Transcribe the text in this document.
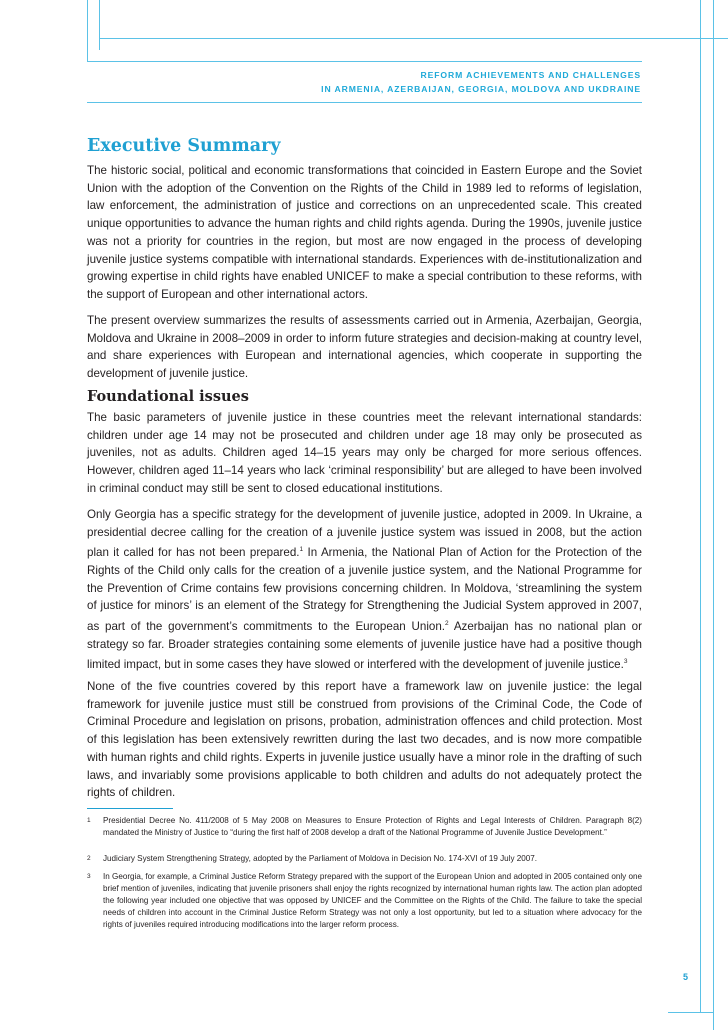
REFORM ACHIEVEMENTS AND CHALLENGES
IN ARMENIA, AZERBAIJAN, GEORGIA, MOLDOVA AND UKDRAINE
Executive Summary

The historic social, political and economic transformations that coincided in Eastern Europe and the Soviet Union with the adoption of the Convention on the Rights of the Child in 1989 led to reforms of legislation, law enforcement, the administration of justice and corrections on an unprecedented scale. This created unique opportunities to advance the human rights and child rights agenda. During the 1990s, juvenile justice was not a priority for countries in the region, but most are now engaged in the process of developing juvenile justice systems compatible with international standards. Experiences with de-institutionalization and growing expertise in child rights have enabled UNICEF to make a special contribution to these reforms, with the support of European and other international actors.

The present overview summarizes the results of assessments carried out in Armenia, Azerbaijan, Georgia, Moldova and Ukraine in 2008–2009 in order to inform future strategies and decision-making at country level, and share experiences with European and international agencies, which cooperate in supporting the development of juvenile justice.

Foundational issues

The basic parameters of juvenile justice in these countries meet the relevant international standards: children under age 14 may not be prosecuted and children under age 18 may only be prosecuted as juveniles, not as adults. Children aged 14–15 years may only be charged for more serious offences. However, children aged 11–14 years who lack ‘criminal responsibility’ but are alleged to have been involved in criminal conduct may still be sent to closed educational institutions.

Only Georgia has a specific strategy for the development of juvenile justice, adopted in 2009. In Ukraine, a presidential decree calling for the creation of a juvenile justice system was issued in 2008, but the action plan it called for has not been prepared.$^1$ In Armenia, the National Plan of Action for the Protection of the Rights of the Child only calls for the creation of a juvenile justice system, and the National Programme for the Prevention of Crime contains few provisions concerning children. In Moldova, ‘streamlining the system of justice for minors’ is an element of the Strategy for Strengthening the Judicial System approved in 2007, as part of the government’s commitments to the European Union.$^2$ Azerbaijan has no national plan or strategy so far. Broader strategies containing some elements of juvenile justice have had a positive though limited impact, but in some cases they have slowed or interfered with the development of juvenile justice.$^3$

None of the five countries covered by this report have a framework law on juvenile justice: the legal framework for juvenile justice must still be construed from provisions of the Criminal Code, the Code of Criminal Procedure and legislation on prisons, probation, administration offences and child protection. Most of this legislation has been extensively rewritten during the last two decades, and is now more compatible with human rights and child rights. Experts in juvenile justice usually have a minor role in the drafting of such laws, and invariably some provisions applicable to both children and adults do not adequately protect the rights of children.

1 Presidential Decree No. 411/2008 of 5 May 2008 on Measures to Ensure Protection of Rights and Legal Interests of Children. Paragraph 8(2) mandated the Ministry of Justice to “during the first half of 2008 develop a draft of the National Programme of Juvenile Justice Development.”
2 Judiciary System Strengthening Strategy, adopted by the Parliament of Moldova in Decision No. 174-XVI of 19 July 2007.
3 In Georgia, for example, a Criminal Justice Reform Strategy prepared with the support of the European Union and adopted in 2005 contained only one brief mention of juveniles, indicating that juvenile prisoners shall enjoy the rights recognized by international human rights law. The action plan adopted the following year included one objective that was opposed by UNICEF and the Committee on the Rights of the Child. The failure to take the special needs of children into account in the Criminal Justice Reform Strategy was not only a lost opportunity, but led to a situation where advocacy for the rights of juveniles required introducing modifications into the larger reform process.
5
